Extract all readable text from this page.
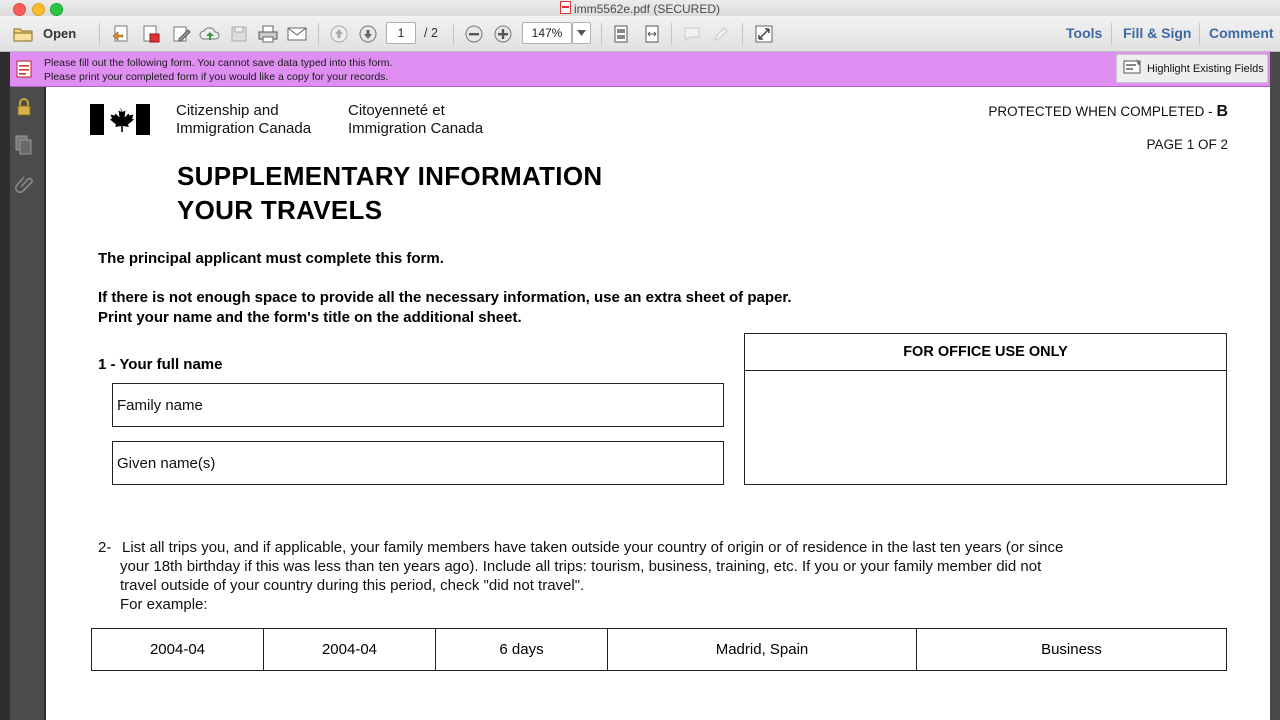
imm5562e.pdf (SECURED)
Open	1 / 2	147%	Tools Fill & Sign Comment
Please fill out the following form. You cannot save data typed into this form.
Please print your completed form if you would like a copy for your records.
Highlight Existing Fields
Citizenship and
Immigration Canada
Citoyenneté et
Immigration Canada
PROTECTED WHEN COMPLETED - B
PAGE 1 OF 2
SUPPLEMENTARY INFORMATION
YOUR TRAVELS
The principal applicant must complete this form.
If there is not enough space to provide all the necessary information, use an extra sheet of paper.
Print your name and the form's title on the additional sheet.
1 - Your full name
Family name
Given name(s)
FOR OFFICE USE ONLY
2- List all trips you, and if applicable, your family members have taken outside your country of origin or of residence in the last ten years (or since
your 18th birthday if this was less than ten years ago). Include all trips: tourism, business, training, etc. If you or your family member did not
travel outside of your country during this period, check "did not travel".
For example:
2004-04	2004-04	6 days	Madrid, Spain	Business
